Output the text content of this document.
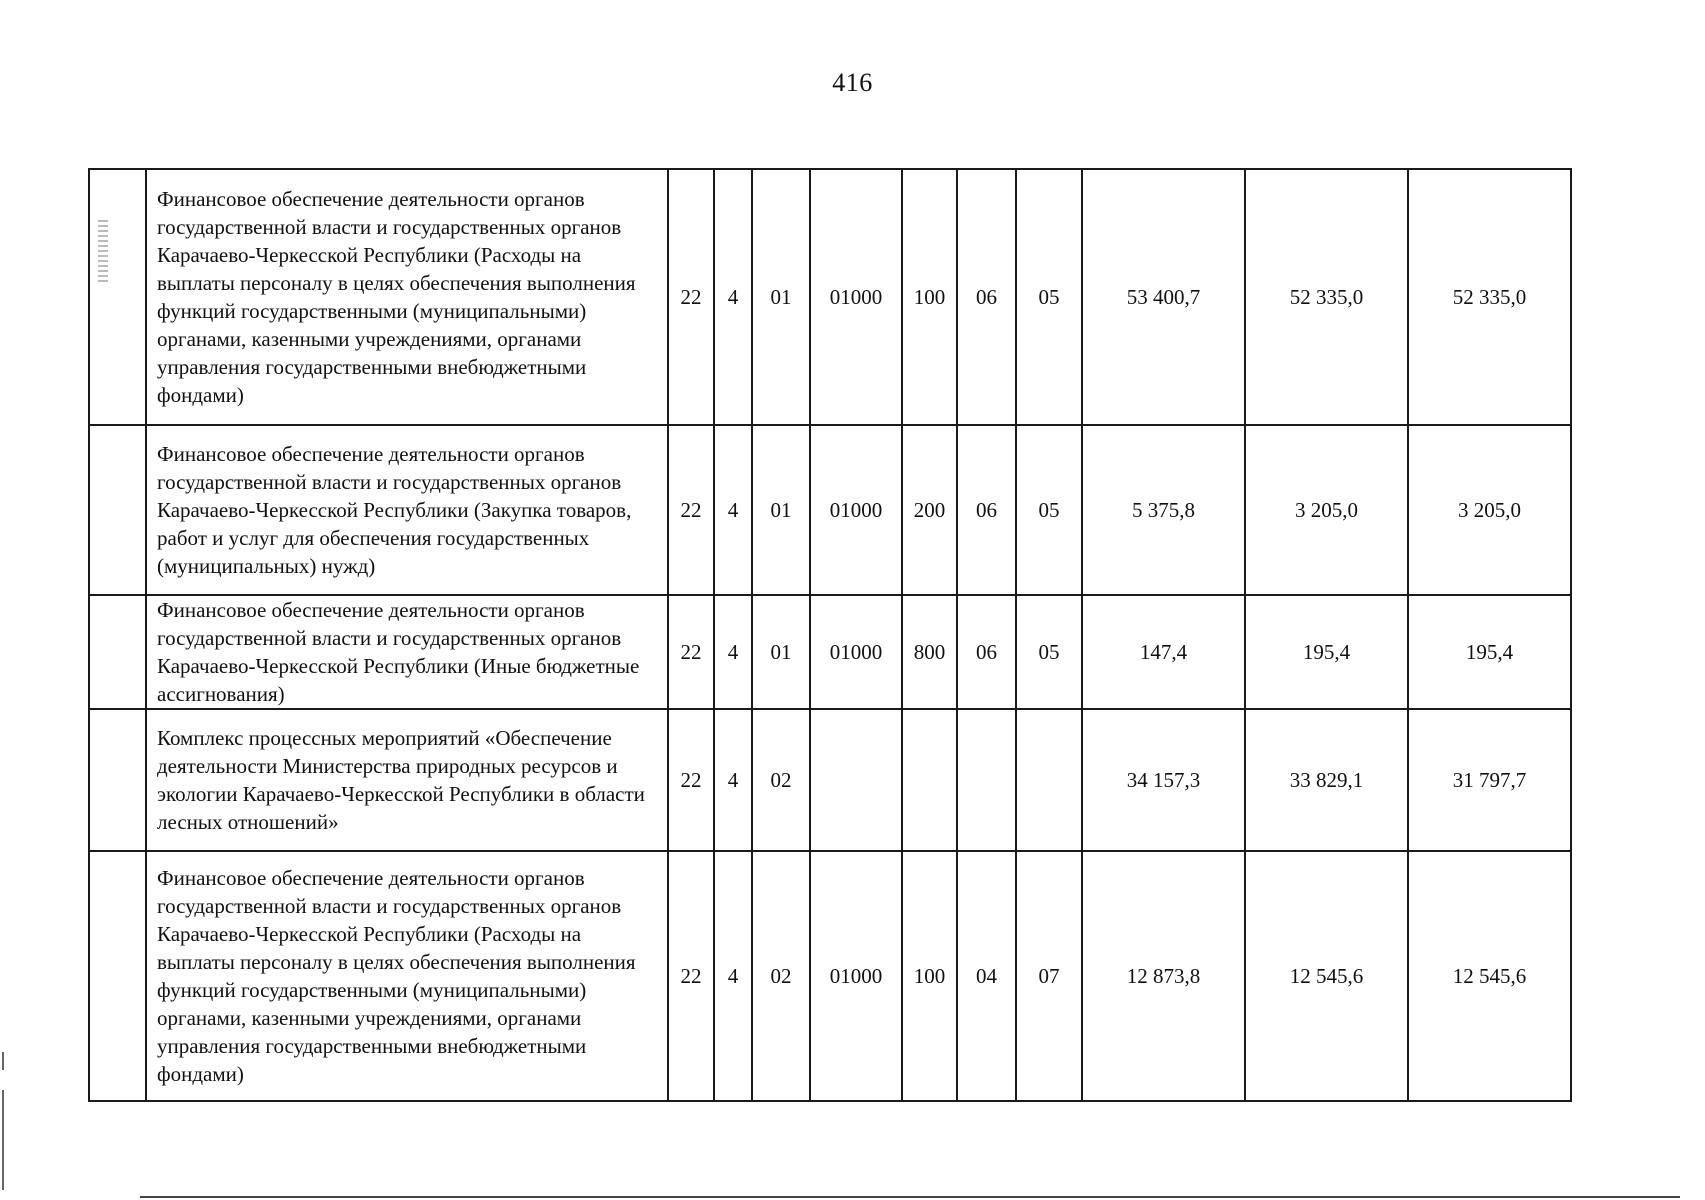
416
	Финансовое обеспечение деятельности органов государственной власти и государственных органов Карачаево-Черкесской Республики (Расходы на выплаты персоналу в целях обеспечения выполнения функций государственными (муниципальными) органами, казенными учреждениями, органами управления государственными внебюджетными фондами)	22	4	01	01000	100	06	05	53 400,7	52 335,0	52 335,0
	Финансовое обеспечение деятельности органов государственной власти и государственных органов Карачаево-Черкесской Республики (Закупка товаров, работ и услуг для обеспечения государственных (муниципальных) нужд)	22	4	01	01000	200	06	05	5 375,8	3 205,0	3 205,0
	Финансовое обеспечение деятельности органов государственной власти и государственных органов Карачаево-Черкесской Республики (Иные бюджетные ассигнования)	22	4	01	01000	800	06	05	147,4	195,4	195,4
	Комплекс процессных мероприятий «Обеспечение деятельности Министерства природных ресурсов и экологии Карачаево-Черкесской Республики в области лесных отношений»	22	4	02					34 157,3	33 829,1	31 797,7
	Финансовое обеспечение деятельности органов государственной власти и государственных органов Карачаево-Черкесской Республики (Расходы на выплаты персоналу в целях обеспечения выполнения функций государственными (муниципальными) органами, казенными учреждениями, органами управления государственными внебюджетными фондами)	22	4	02	01000	100	04	07	12 873,8	12 545,6	12 545,6
